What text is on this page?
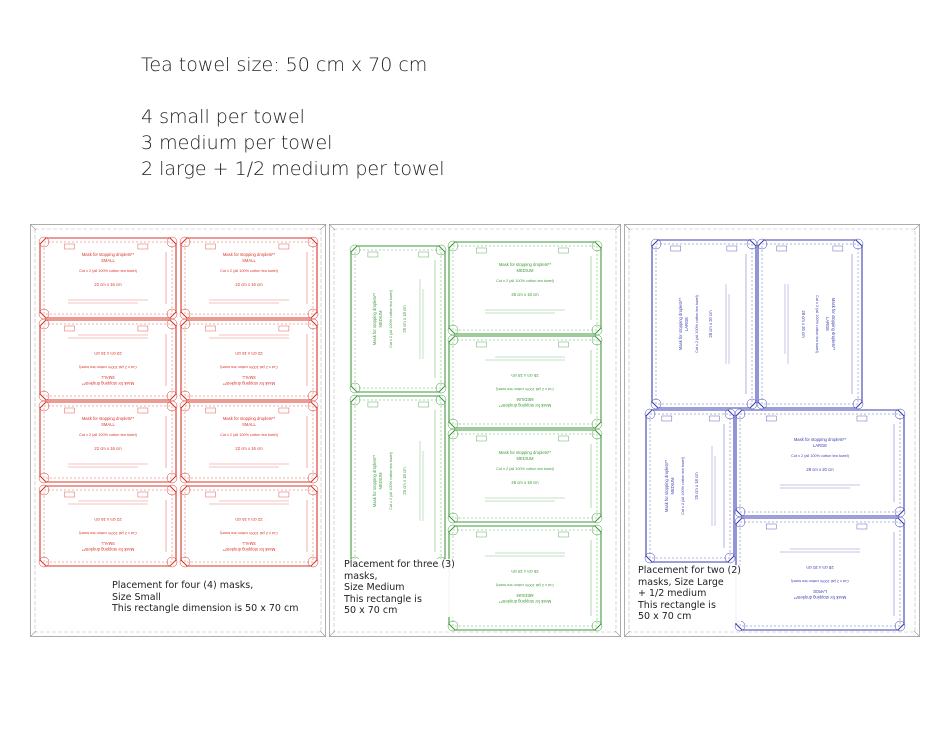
Tea towel size: 50 cm x 70 cm
4 small per towel
3 medium per towel
2 large + 1/2 medium per towel
Mask for stopping droplets**
SMALL
Cut x 2 (all 100% cotton tea towel)
22 cm x 16 cm
Mask for stopping droplets**
SMALL
Cut x 2 (all 100% cotton tea towel)
22 cm x 16 cm
Mask for stopping droplets**
SMALL
Cut x 2 (all 100% cotton tea towel)
22 cm x 16 cm
Mask for stopping droplets**
SMALL
Cut x 2 (all 100% cotton tea towel)
22 cm x 16 cm
Mask for stopping droplets**
SMALL
Cut x 2 (all 100% cotton tea towel)
22 cm x 16 cm
Mask for stopping droplets**
SMALL
Cut x 2 (all 100% cotton tea towel)
22 cm x 16 cm
Mask for stopping droplets**
SMALL
Cut x 2 (all 100% cotton tea towel)
22 cm x 16 cm
Mask for stopping droplets**
SMALL
Cut x 2 (all 100% cotton tea towel)
22 cm x 16 cm
Placement for four (4) masks,
Size Small
This rectangle dimension is 50 x 70 cm
Mask for stopping droplets**
MEDIUM
Cut x 2 (all 100% cotton tea towel)
25 cm x 18 cm
Mask for stopping droplets**
MEDIUM
Cut x 2 (all 100% cotton tea towel)
25 cm x 18 cm
Mask for stopping droplets**
MEDIUM
Cut x 2 (all 100% cotton tea towel)
25 cm x 18 cm
Mask for stopping droplets**
MEDIUM
Cut x 2 (all 100% cotton tea towel)
25 cm x 18 cm
Mask for stopping droplets** MEDIUM Cut x 2 (all 100% cotton tea towel) 25 cm x 18 cm
Mask for stopping droplets** MEDIUM Cut x 2 (all 100% cotton tea towel) 25 cm x 18 cm
Placement for three (3)
masks,
Size Medium
This rectangle is
50 x 70 cm
Mask for stopping droplets** LARGE Cut x 2 (all 100% cotton tea towel) 28 cm x 20 cm	Mask for stopping droplets**
LARGE
Cut x 2 (all 100% cotton tea towel)
28 cm x 20 cm
Mask for stopping droplets**
LARGE
Cut x 2 (all 100% cotton tea towel)
28 cm x 20 cm
Mask for stopping droplets**
LARGE
Cut x 2 (all 100% cotton tea towel)
28 cm x 20 cm
Mask for stopping droplets** MEDIUM Cut x 2 (all 100% cotton tea towel) 25 cm x 18 cm
Placement for two (2)
masks, Size Large
+ 1/2 medium
This rectangle is
50 x 70 cm
